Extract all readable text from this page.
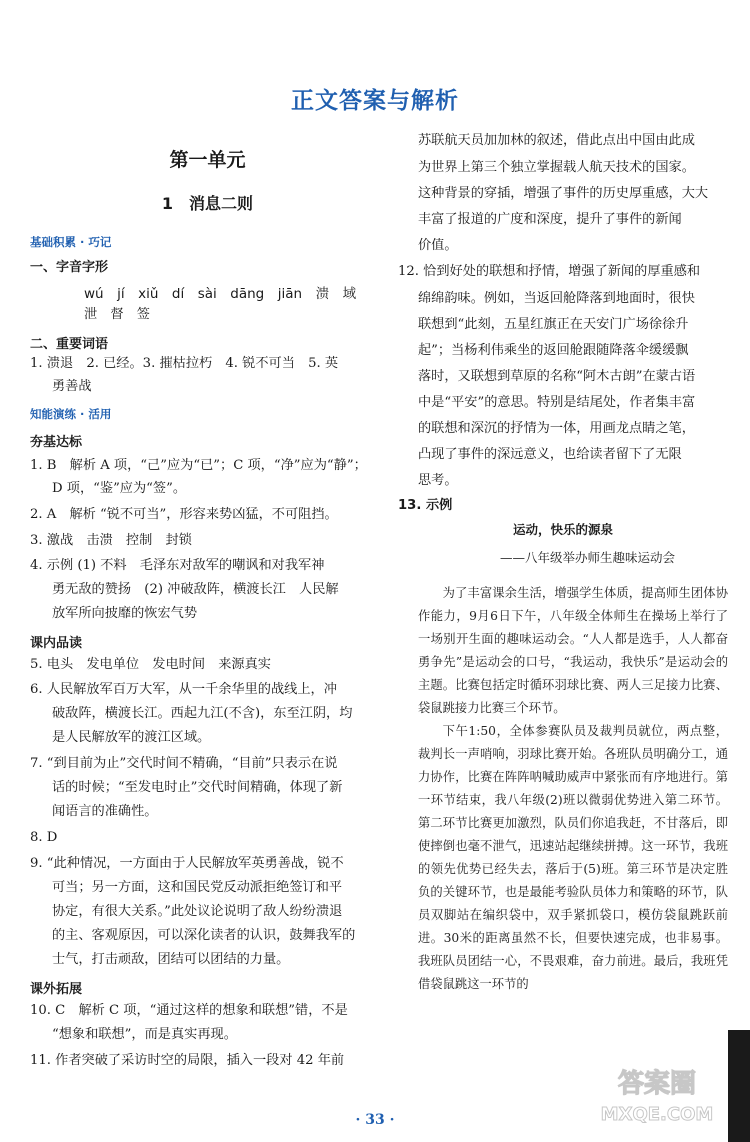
正文答案与解析
第一单元
1　消息二则
基础积累 · 巧记
一、字音字形
wú　jí　xiǔ　dí　sài　dāng　jiān　溃　域
泄　督　签
二、重要词语
1. 溃退　2. 已经。3. 摧枯拉朽　4. 锐不可当　5. 英
勇善战
知能演练 · 活用
夯基达标
1. B　解析 A 项，“己”应为“已”；C 项，“净”应为“静”；
D 项，“鉴”应为“签”。
2. A　解析 “锐不可当”，形容来势凶猛，不可阻挡。
3. 激战　击溃　控制　封锁
4. 示例 (1) 不料　毛泽东对敌军的嘲讽和对我军神
勇无敌的赞扬　(2) 冲破敌阵，横渡长江　人民解
放军所向披靡的恢宏气势
课内品读
5. 电头　发电单位　发电时间　来源真实
6. 人民解放军百万大军，从一千余华里的战线上，冲
破敌阵，横渡长江。西起九江(不含)，东至江阴，均
是人民解放军的渡江区域。
7. “到目前为止”交代时间不精确，“目前”只表示在说
话的时候；“至发电时止”交代时间精确，体现了新
闻语言的准确性。
8. D
9. “此种情况，一方面由于人民解放军英勇善战，锐不
可当；另一方面，这和国民党反动派拒绝签订和平
协定，有很大关系。”此处议论说明了敌人纷纷溃退
的主、客观原因，可以深化读者的认识，鼓舞我军的
士气，打击顽敌，团结可以团结的力量。
课外拓展
10. C　解析 C 项，“通过这样的想象和联想”错，不是
“想象和联想”，而是真实再现。
11. 作者突破了采访时空的局限，插入一段对 42 年前
苏联航天员加加林的叙述，借此点出中国由此成
为世界上第三个独立掌握载人航天技术的国家。
这种背景的穿插，增强了事件的历史厚重感，大大
丰富了报道的广度和深度，提升了事件的新闻
价值。
12. 恰到好处的联想和抒情，增强了新闻的厚重感和
绵绵韵味。例如，当返回舱降落到地面时，很快
联想到“此刻，五星红旗正在天安门广场徐徐升
起”；当杨利伟乘坐的返回舱跟随降落伞缓缓飘
落时，又联想到草原的名称“阿木古朗”在蒙古语
中是“平安”的意思。特别是结尾处，作者集丰富
的联想和深沉的抒情为一体，用画龙点睛之笔，
凸现了事件的深远意义，也给读者留下了无限
思考。
13. 示例
运动，快乐的源泉
——八年级举办师生趣味运动会

为了丰富课余生活，增强学生体质，提高师生团体协作能力，9月6日下午，八年级全体师生在操场上举行了一场别开生面的趣味运动会。“人人都是选手，人人都奋勇争先”是运动会的口号，“我运动，我快乐”是运动会的主题。比赛包括定时循环羽球比赛、两人三足接力比赛、袋鼠跳接力比赛三个环节。

下午1:50，全体参赛队员及裁判员就位，两点整，裁判长一声哨响，羽球比赛开始。各班队员明确分工，通力协作，比赛在阵阵呐喊助威声中紧张而有序地进行。第一环节结束，我八年级(2)班以微弱优势进入第二环节。第二环节比赛更加激烈，队员们你追我赶，不甘落后，即使摔倒也毫不泄气，迅速站起继续拼搏。这一环节，我班的领先优势已经失去，落后于(5)班。第三环节是决定胜负的关键环节，也是最能考验队员体力和策略的环节，队员双脚站在编织袋中，双手紧抓袋口，模仿袋鼠跳跃前进。30米的距离虽然不长，但要快速完成，也非易事。我班队员团结一心，不畏艰难，奋力前进。最后，我班凭借袋鼠跳这一环节的

· 33 ·
答案圈
MXQE.COM
